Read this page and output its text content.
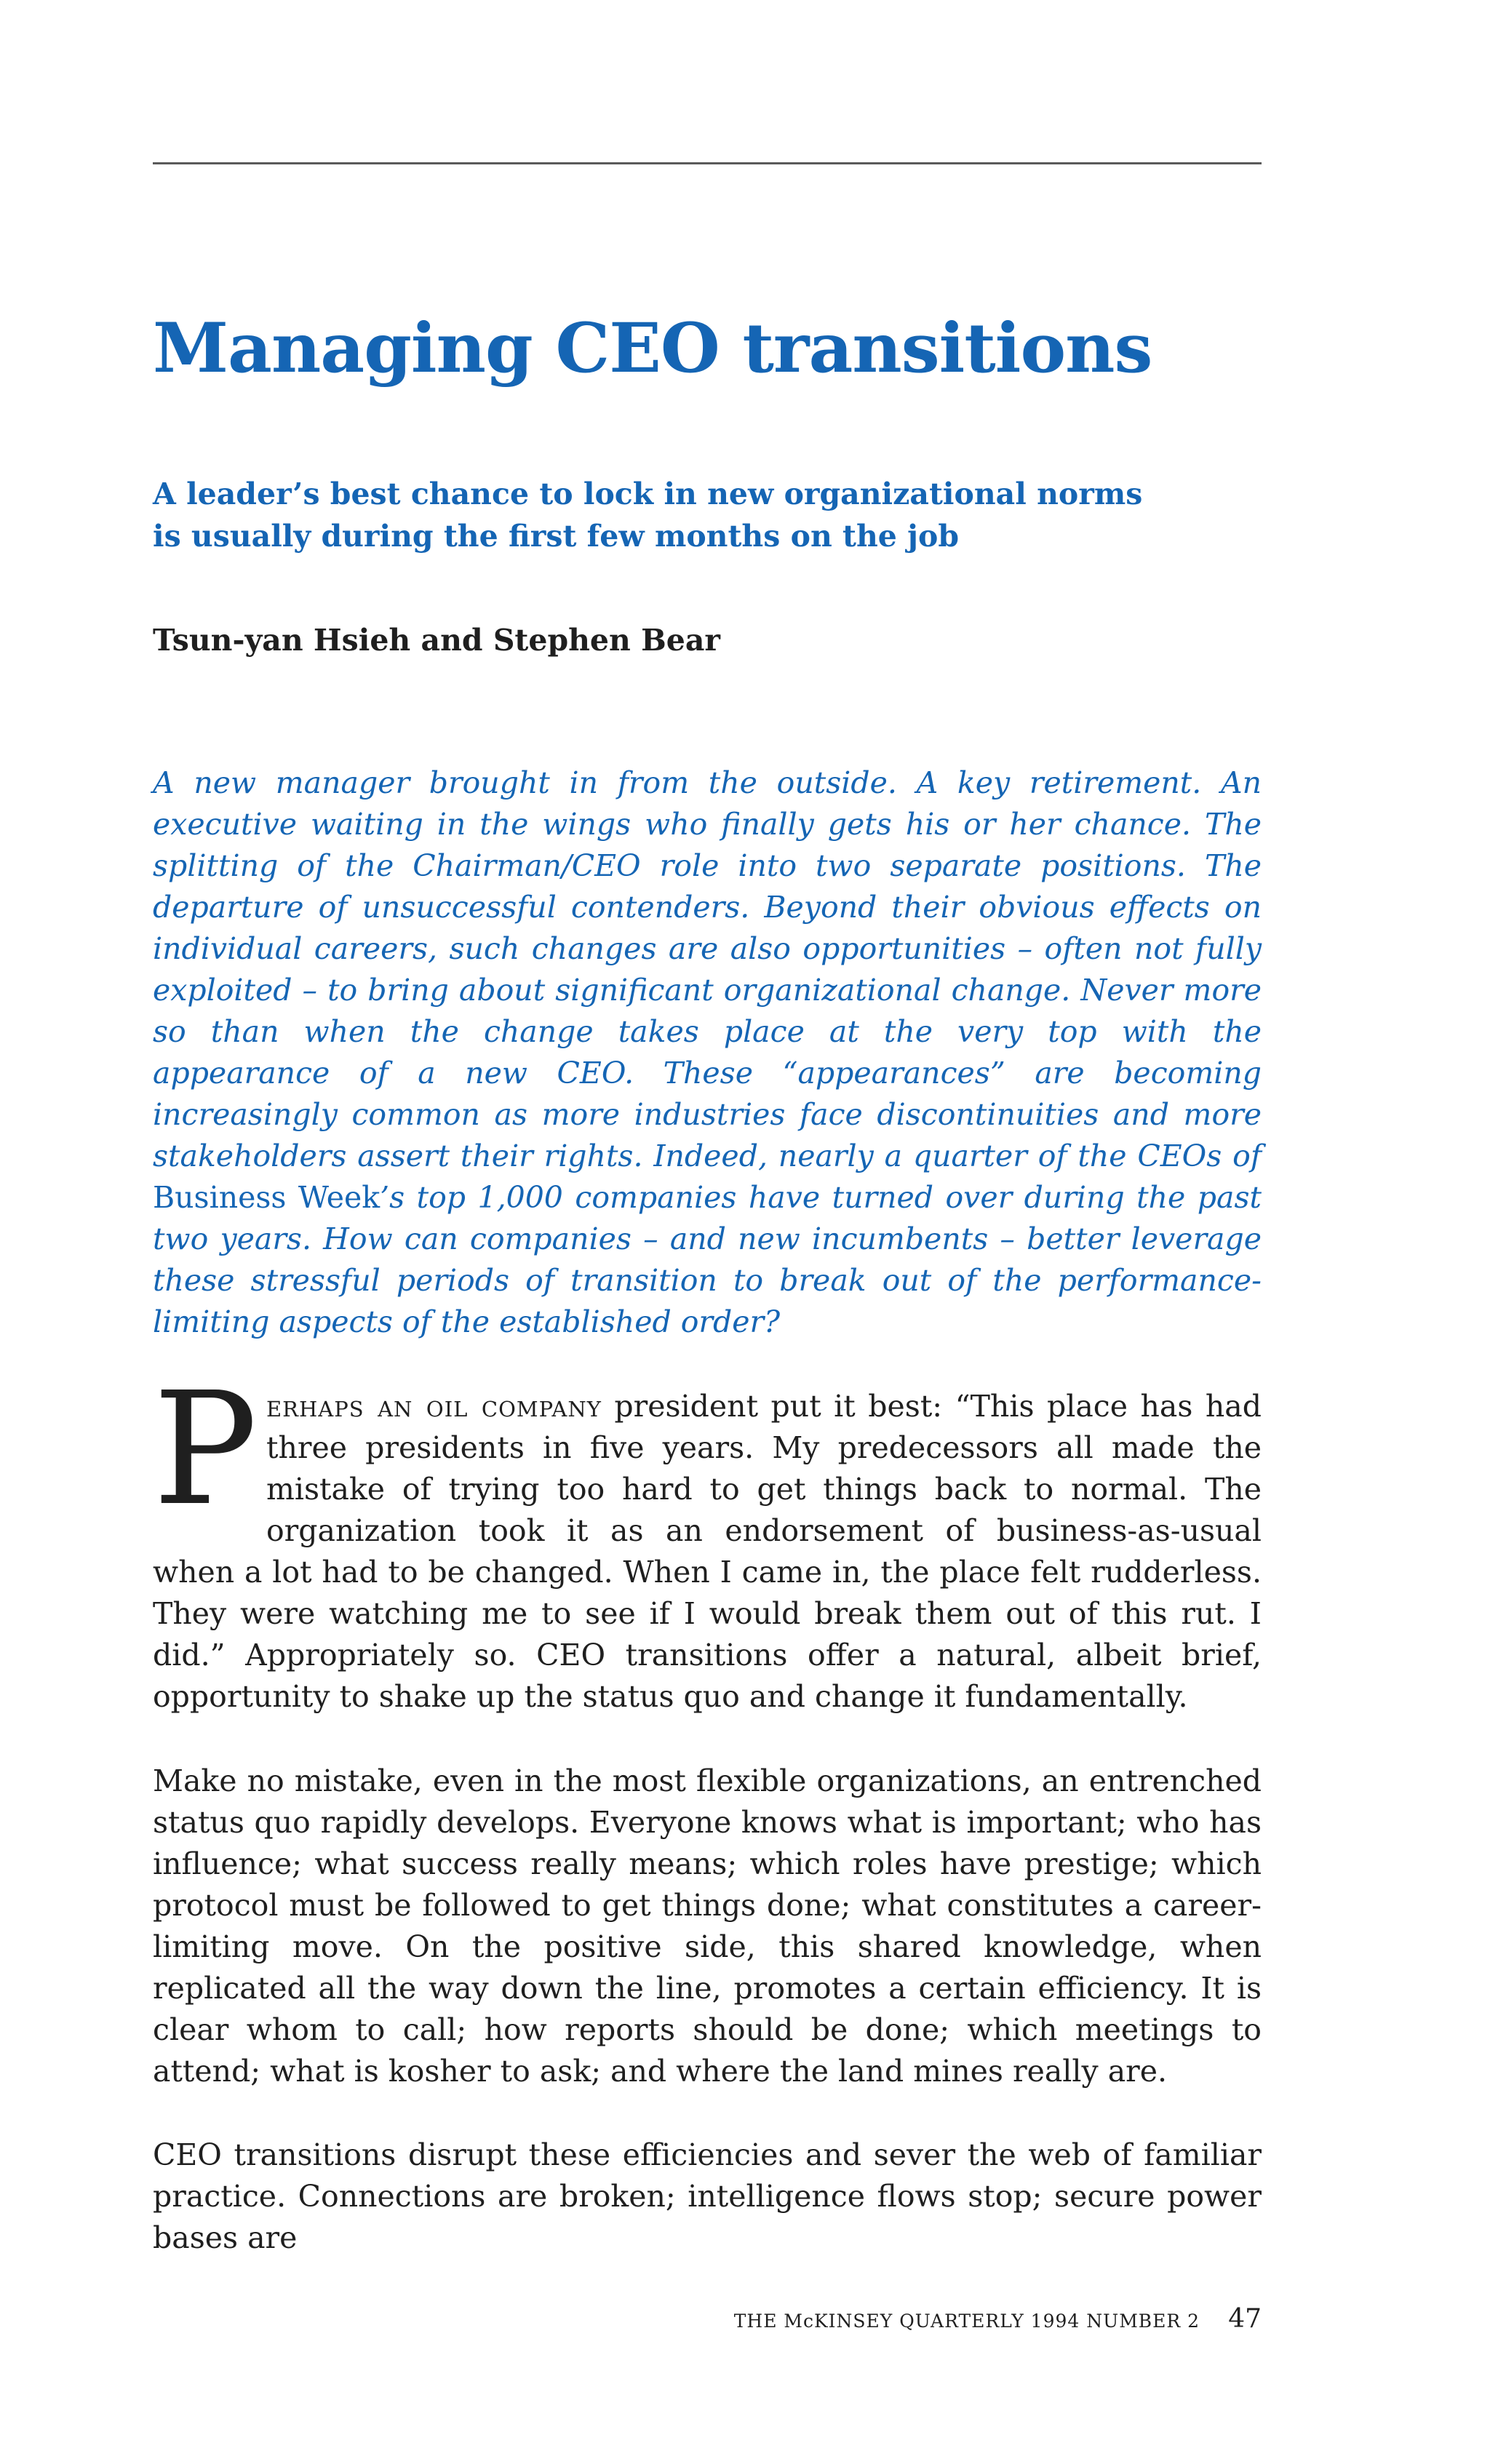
Managing CEO transitions
A leader’s best chance to lock in new organizational norms
is usually during the first few months on the job
Tsun-yan Hsieh and Stephen Bear

A new manager brought in from the outside. A key retirement. An executive waiting in the wings who finally gets his or her chance. The splitting of the Chairman/CEO role into two separate positions. The departure of unsuccessful contenders. Beyond their obvious effects on individual careers, such changes are also opportunities – often not fully exploited – to bring about significant organizational change. Never more so than when the change takes place at the very top with the appearance of a new CEO. These “appearances” are becoming increasingly common as more industries face discontinuities and more stakeholders assert their rights. Indeed, nearly a quarter of the CEOs of Business Week’s top 1,000 companies have turned over during the past two years. How can companies – and new incumbents – better leverage these stressful periods of transition to break out of the performance-limiting aspects of the established order?

Perhaps an oil company president put it best: “This place has had three presidents in five years. My predecessors all made the mistake of trying too hard to get things back to normal. The organization took it as an endorsement of business-as-usual when a lot had to be changed. When I came in, the place felt rudderless. They were watching me to see if I would break them out of this rut. I did.” Appropriately so. CEO transitions offer a natural, albeit brief, opportunity to shake up the status quo and change it fundamentally.

Make no mistake, even in the most flexible organizations, an entrenched status quo rapidly develops. Everyone knows what is important; who has influence; what success really means; which roles have prestige; which protocol must be followed to get things done; what constitutes a career-limiting move. On the positive side, this shared knowledge, when replicated all the way down the line, promotes a certain efficiency. It is clear whom to call; how reports should be done; which meetings to attend; what is kosher to ask; and where the land mines really are.

CEO transitions disrupt these efficiencies and sever the web of familiar practice. Connections are broken; intelligence flows stop; secure power bases are

THE McKINSEY QUARTERLY 1994 NUMBER 2 47
